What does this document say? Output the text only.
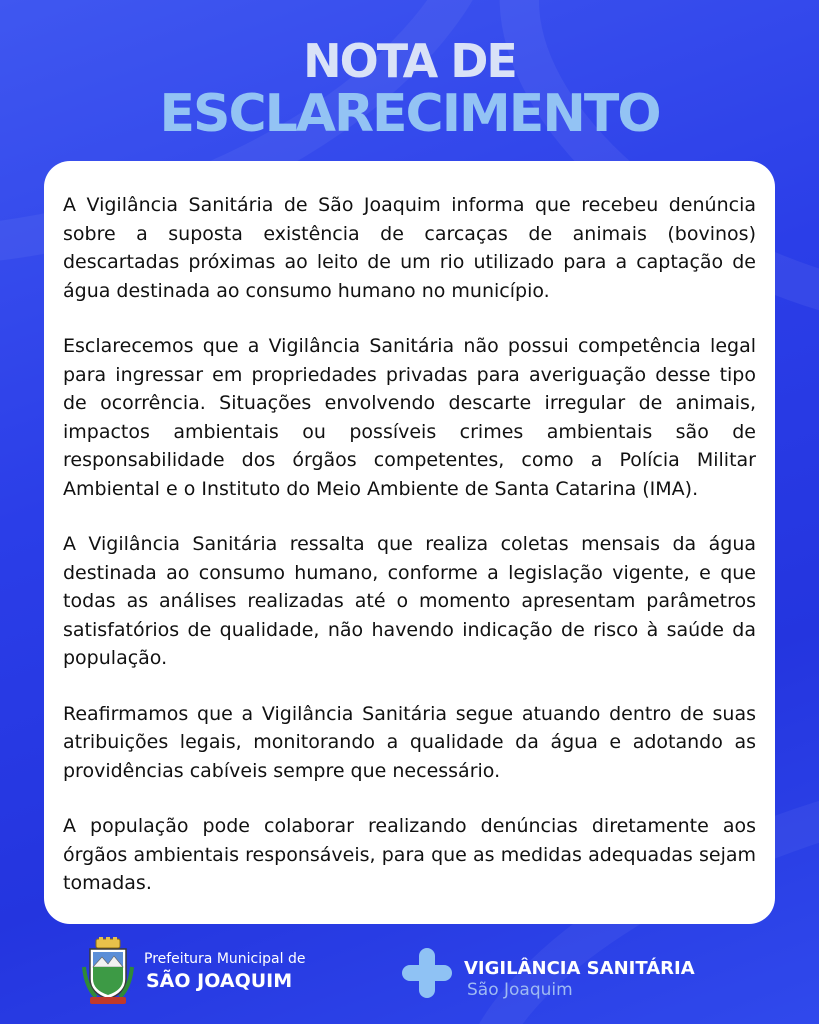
NOTA DE
ESCLARECIMENTO

A Vigilância Sanitária de São Joaquim informa que recebeu denúncia sobre a suposta existência de carcaças de animais (bovinos) descartadas próximas ao leito de um rio utilizado para a captação de água destinada ao consumo humano no município.

Esclarecemos que a Vigilância Sanitária não possui competência legal para ingressar em propriedades privadas para averiguação desse tipo de ocorrência. Situações envolvendo descarte irregular de animais, impactos ambientais ou possíveis crimes ambientais são de responsabilidade dos órgãos competentes, como a Polícia Militar Ambiental e o Instituto do Meio Ambiente de Santa Catarina (IMA).

A Vigilância Sanitária ressalta que realiza coletas mensais da água destinada ao consumo humano, conforme a legislação vigente, e que todas as análises realizadas até o momento apresentam parâmetros satisfatórios de qualidade, não havendo indicação de risco à saúde da população.

Reafirmamos que a Vigilância Sanitária segue atuando dentro de suas atribuições legais, monitorando a qualidade da água e adotando as providências cabíveis sempre que necessário.

A população pode colaborar realizando denúncias diretamente aos órgãos ambientais responsáveis, para que as medidas adequadas sejam tomadas.

Prefeitura Municipal de
SÃO JOAQUIM
VIGILÂNCIA SANITÁRIA
São Joaquim
